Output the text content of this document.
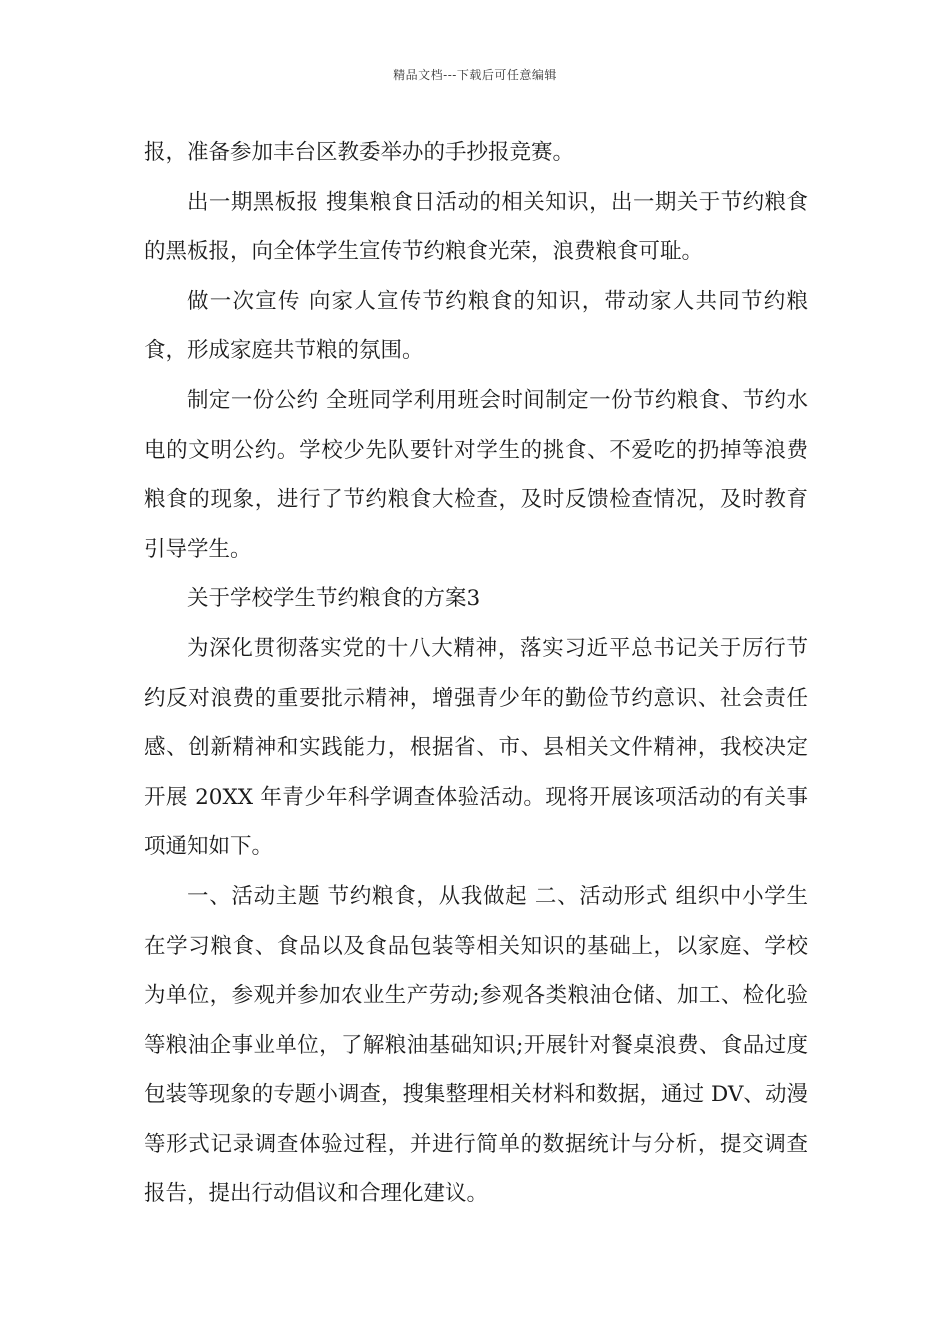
精品文档---下载后可任意编辑

报，准备参加丰台区教委举办的手抄报竞赛。

出一期黑板报 搜集粮食日活动的相关知识，出一期关于节约粮食的黑板报，向全体学生宣传节约粮食光荣，浪费粮食可耻。

做一次宣传 向家人宣传节约粮食的知识，带动家人共同节约粮食，形成家庭共节粮的氛围。

制定一份公约 全班同学利用班会时间制定一份节约粮食、节约水电的文明公约。学校少先队要针对学生的挑食、不爱吃的扔掉等浪费粮食的现象，进行了节约粮食大检查，及时反馈检查情况，及时教育引导学生。

关于学校学生节约粮食的方案3

为深化贯彻落实党的十八大精神，落实习近平总书记关于厉行节约反对浪费的重要批示精神，增强青少年的勤俭节约意识、社会责任感、创新精神和实践能力，根据省、市、县相关文件精神，我校决定开展 20XX 年青少年科学调查体验活动。现将开展该项活动的有关事项通知如下。

一、活动主题 节约粮食，从我做起 二、活动形式 组织中小学生在学习粮食、食品以及食品包装等相关知识的基础上，以家庭、学校为单位，参观并参加农业生产劳动;参观各类粮油仓储、加工、检化验等粮油企事业单位，了解粮油基础知识;开展针对餐桌浪费、食品过度包装等现象的专题小调查，搜集整理相关材料和数据，通过 DV、动漫等形式记录调查体验过程，并进行简单的数据统计与分析，提交调查报告，提出行动倡议和合理化建议。
